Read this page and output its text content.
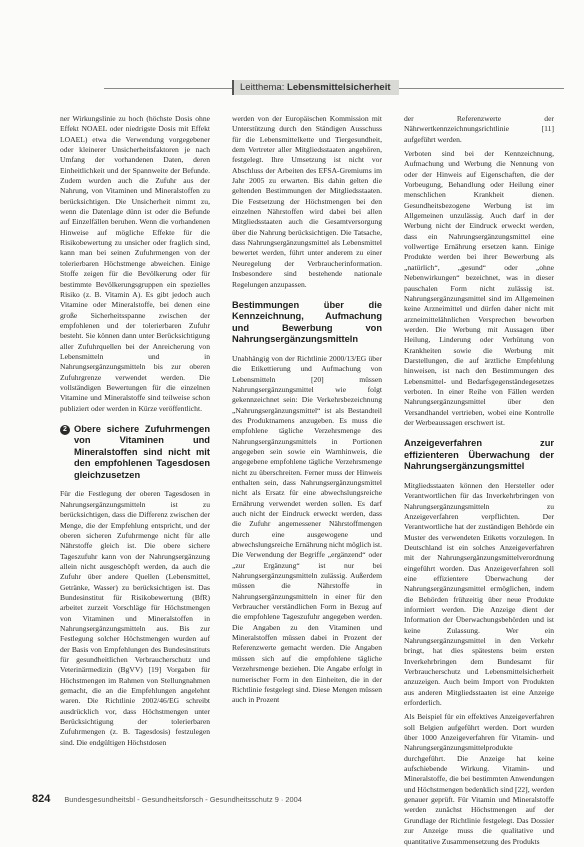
Leitthema: Lebensmittelsicherheit

ner Wirkungslinie zu hoch (höchste Dosis ohne Effekt NOAEL oder niedrigste Dosis mit Effekt LOAEL) etwa die Verwendung vorgegebener oder kleinerer Unsicherheitsfaktoren je nach Umfang der vorhandenen Daten, deren Einheitlichkeit und der Spannweite der Befunde. Zudem wurden auch die Zufuhr aus der Nahrung, von Vitaminen und Mineralstoffen zu berücksichtigen. Die Unsicherheit nimmt zu, wenn die Datenlage dünn ist oder die Befunde auf Einzelfällen beruhen. Wenn die vorhandenen Hinweise auf mögliche Effekte für die Risikobewertung zu unsicher oder fraglich sind, kann man bei seinen Zufuhrmengen von der tolerierbaren Höchstmenge abweichen. Einige Stoffe zeigen für die Bevölkerung oder für bestimmte Bevölkerungsgruppen ein spezielles Risiko (z. B. Vitamin A). Es gibt jedoch auch Vitamine oder Mineralstoffe, bei denen eine große Sicherheitsspanne zwischen der empfohlenen und der tolerierbaren Zufuhr besteht. Sie können dann unter Berücksichtigung aller Zufuhrquellen bei der Anreicherung von Lebensmitteln und in Nahrungsergänzungsmitteln bis zur oberen Zufuhrgrenze verwendet werden. Die vollständigen Bewertungen für die einzelnen Vitamine und Mineralstoffe sind teilweise schon publiziert oder werden in Kürze veröffentlicht.

2 Obere sichere Zufuhrmengen von Vitaminen und Mineralstoffen sind nicht mit den empfohlenen Tagesdosen gleichzusetzen

Für die Festlegung der oberen Tagesdosen in Nahrungsergänzungsmitteln ist zu berücksichtigen, dass die Differenz zwischen der Menge, die der Empfehlung entspricht, und der oberen sicheren Zufuhrmenge nicht für alle Nährstoffe gleich ist. Die obere sichere Tageszufuhr kann von der Nahrungsergänzung allein nicht ausgeschöpft werden, da auch die Zufuhr über andere Quellen (Lebensmittel, Getränke, Wasser) zu berücksichtigen ist. Das Bundesinstitut für Risikobewertung (BfR) arbeitet zurzeit Vorschläge für Höchstmengen von Vitaminen und Mineralstoffen in Nahrungsergänzungsmitteln aus. Bis zur Festlegung solcher Höchstmengen wurden auf der Basis von Empfehlungen des Bundesinstituts für gesundheitlichen Verbraucherschutz und Veterinärmedizin (BgVV) [19] Vorgaben für Höchstmengen im Rahmen von Stellungnahmen gemacht, die an die Empfehlungen angelehnt waren. Die Richtlinie 2002/46/EG schreibt ausdrücklich vor, dass Höchstmengen unter Berücksichtigung der tolerierbaren Zufuhrmengen (z. B. Tagesdosis) festzulegen sind. Die endgültigen Höchstdosen

werden von der Europäischen Kommission mit Unterstützung durch den Ständigen Ausschuss für die Lebensmittelkette und Tiergesundheit, dem Vertreter aller Mitgliedsstaaten angehören, festgelegt. Ihre Umsetzung ist nicht vor Abschluss der Arbeiten des EFSA-Gremiums im Jahr 2005 zu erwarten. Bis dahin gelten die geltenden Bestimmungen der Mitgliedsstaaten. Die Festsetzung der Höchstmengen bei den einzelnen Nährstoffen wird dabei bei allen Mitgliedsstaaten auch die Gesamtversorgung über die Nahrung berücksichtigen. Die Tatsache, dass Nahrungsergänzungsmittel als Lebensmittel bewertet werden, führt unter anderem zu einer Neuregelung der Verbraucherinformation. Insbesondere sind bestehende nationale Regelungen anzupassen.

Bestimmungen über die Kennzeichnung, Aufmachung und Bewerbung von Nahrungsergänzungsmitteln

Unabhängig von der Richtlinie 2000/13/EG über die Etikettierung und Aufmachung von Lebensmitteln [20] müssen Nahrungsergänzungsmittel wie folgt gekennzeichnet sein: Die Verkehrsbezeichnung „Nahrungsergänzungsmittel“ ist als Bestandteil des Produktnamens anzugeben. Es muss die empfohlene tägliche Verzehrsmenge des Nahrungsergänzungsmittels in Portionen angegeben sein sowie ein Warnhinweis, die angegebene empfohlene tägliche Verzehrsmenge nicht zu überschreiten. Ferner muss der Hinweis enthalten sein, dass Nahrungsergänzungsmittel nicht als Ersatz für eine abwechslungsreiche Ernährung verwendet werden sollen. Es darf auch nicht der Eindruck erweckt werden, dass die Zufuhr angemessener Nährstoffmengen durch eine ausgewogene und abwechslungsreiche Ernährung nicht möglich ist. Die Verwendung der Begriffe „ergänzend“ oder „zur Ergänzung“ ist nur bei Nahrungsergänzungsmitteln zulässig. Außerdem müssen die Nährstoffe in Nahrungsergänzungsmitteln in einer für den Verbraucher verständlichen Form in Bezug auf die empfohlene Tageszufuhr angegeben werden. Die Angaben zu den Vitaminen und Mineralstoffen müssen dabei in Prozent der Referenzwerte gemacht werden. Die Angaben müssen sich auf die empfohlene tägliche Verzehrsmenge beziehen. Die Angabe erfolgt in numerischer Form in den Einheiten, die in der Richtlinie festgelegt sind. Diese Mengen müssen auch in Prozent

der Referenzwerte der Nährwertkennzeichnungsrichtlinie [11] aufgeführt werden.

Verboten sind bei der Kennzeichnung, Aufmachung und Werbung die Nennung von oder der Hinweis auf Eigenschaften, die der Vorbeugung, Behandlung oder Heilung einer menschlichen Krankheit dienen. Gesundheitsbezogene Werbung ist im Allgemeinen unzulässig. Auch darf in der Werbung nicht der Eindruck erweckt werden, dass ein Nahrungsergänzungsmittel eine vollwertige Ernährung ersetzen kann. Einige Produkte werden bei ihrer Bewerbung als „natürlich“, „gesund“ oder „ohne Nebenwirkungen“ bezeichnet, was in dieser pauschalen Form nicht zulässig ist. Nahrungsergänzungsmittel sind im Allgemeinen keine Arzneimittel und dürfen daher nicht mit arzneimittelähnlichen Versprechen beworben werden. Die Werbung mit Aussagen über Heilung, Linderung oder Verhütung von Krankheiten sowie die Werbung mit Darstellungen, die auf ärztliche Empfehlung hinweisen, ist nach den Bestimmungen des Lebensmittel- und Bedarfsgegenständegesetzes verboten. In einer Reihe von Fällen werden Nahrungsergänzungsmittel über den Versandhandel vertrieben, wobei eine Kontrolle der Werbeaussagen erschwert ist.

Anzeigeverfahren zur effizienteren Überwachung der Nahrungsergänzungsmittel

Mitgliedsstaaten können den Hersteller oder Verantwortlichen für das Inverkehrbringen von Nahrungsergänzungsmitteln zu Anzeigeverfahren verpflichten. Der Verantwortliche hat der zuständigen Behörde ein Muster des verwendeten Etiketts vorzulegen. In Deutschland ist ein solches Anzeigeverfahren mit der Nahrungsergänzungsmittelverordnung eingeführt worden. Das Anzeigeverfahren soll eine effizientere Überwachung der Nahrungsergänzungsmittel ermöglichen, indem die Behörden frühzeitig über neue Produkte informiert werden. Die Anzeige dient der Information der Überwachungsbehörden und ist keine Zulassung. Wer ein Nahrungsergänzungsmittel in den Verkehr bringt, hat dies spätestens beim ersten Inverkehrbringen dem Bundesamt für Verbraucherschutz und Lebensmittelsicherheit anzuzeigen. Auch beim Import von Produkten aus anderen Mitgliedsstaaten ist eine Anzeige erforderlich.

Als Beispiel für ein effektives Anzeigeverfahren soll Belgien aufgeführt werden. Dort wurden über 1000 Anzeigeverfahren für Vitamin- und Nahrungsergänzungsmittelprodukte durchgeführt. Die Anzeige hat keine aufschiebende Wirkung. Vitamin- und Mineralstoffe, die bei bestimmten Anwendungen und Höchstmengen bedenklich sind [22], werden genauer geprüft. Für Vitamin und Mineralstoffe werden zunächst Höchstmengen auf der Grundlage der Richtlinie festgelegt. Das Dossier zur Anzeige muss die qualitative und quantitative Zusammensetzung des Produkts

824 Bundesgesundheitsbl - Gesundheitsforsch - Gesundheitsschutz 9 · 2004
